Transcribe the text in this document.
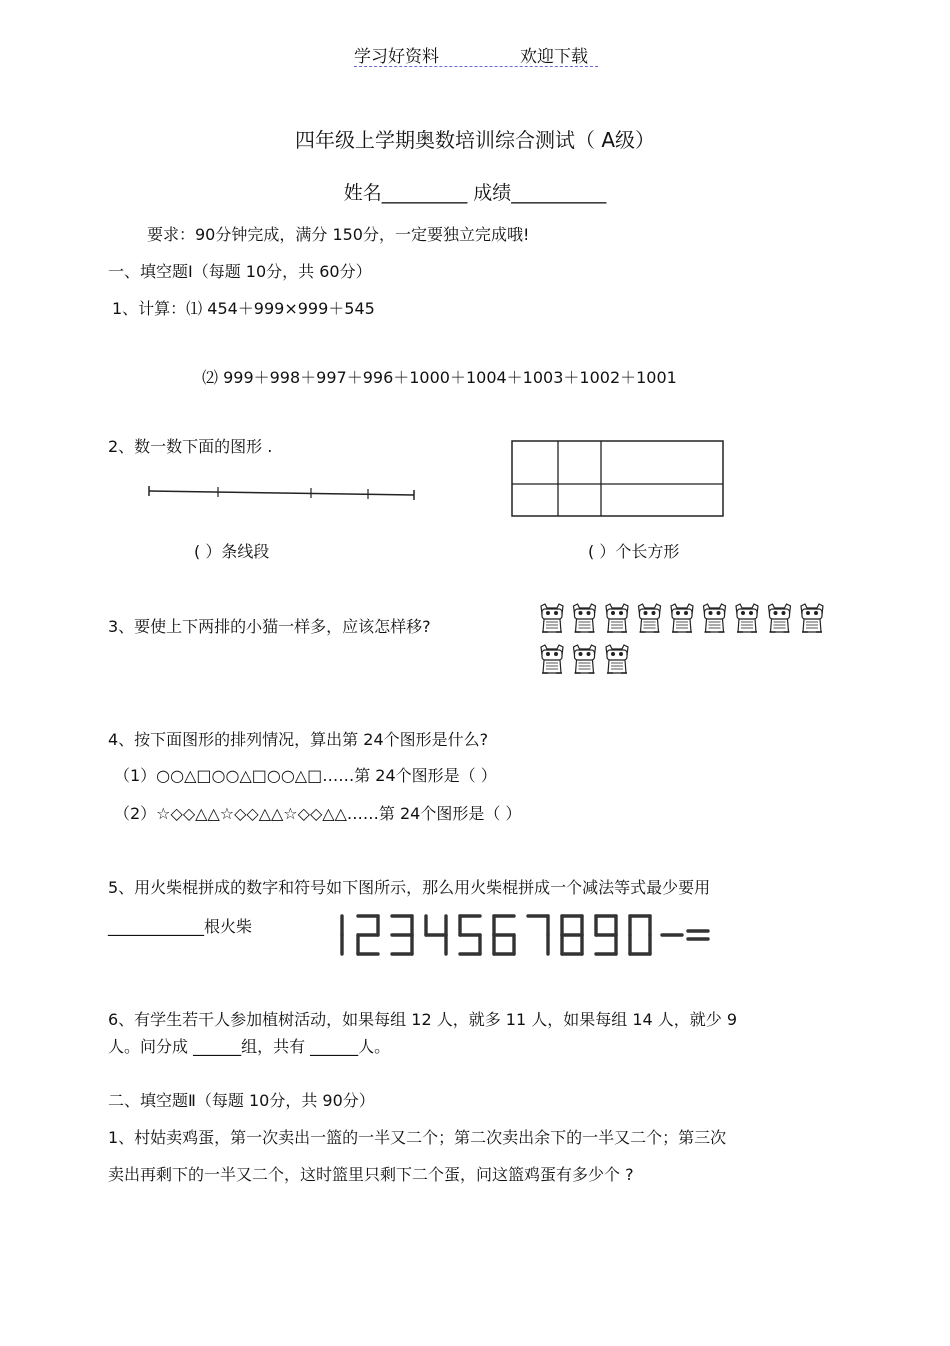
学习好资料	欢迎下载
四年级上学期奥数培训综合测试（ A级）
姓名_________ 成绩__________
要求：90分钟完成，满分 150分，一定要独立完成哦!
一、填空题Ⅰ（每题 10分，共 60分）
1、计算：⑴ 454＋999×999＋545
⑵ 999＋998＋997＋996＋1000＋1004＋1003＋1002＋1001
2、数一数下面的图形 .
( ）条线段	( ）个长方形
3、要使上下两排的小猫一样多，应该怎样移?
4、按下面图形的排列情况，算出第 24个图形是什么?
（1）○○△□○○△□○○△□……第 24个图形是（ ）
（2）☆◇◇△△☆◇◇△△☆◇◇△△……第 24个图形是（ ）
5、用火柴棍拼成的数字和符号如下图所示，那么用火柴棍拼成一个减法等式最少要用
____________根火柴
6、有学生若干人参加植树活动，如果每组 12 人，就多 11 人，如果每组 14 人，就少 9
人。问分成 ______组，共有 ______人。
二、填空题Ⅱ（每题 10分，共 90分）
1、村姑卖鸡蛋，第一次卖出一篮的一半又二个；第二次卖出余下的一半又二个；第三次
卖出再剩下的一半又二个，这时篮里只剩下二个蛋，问这篮鸡蛋有多少个 ?
